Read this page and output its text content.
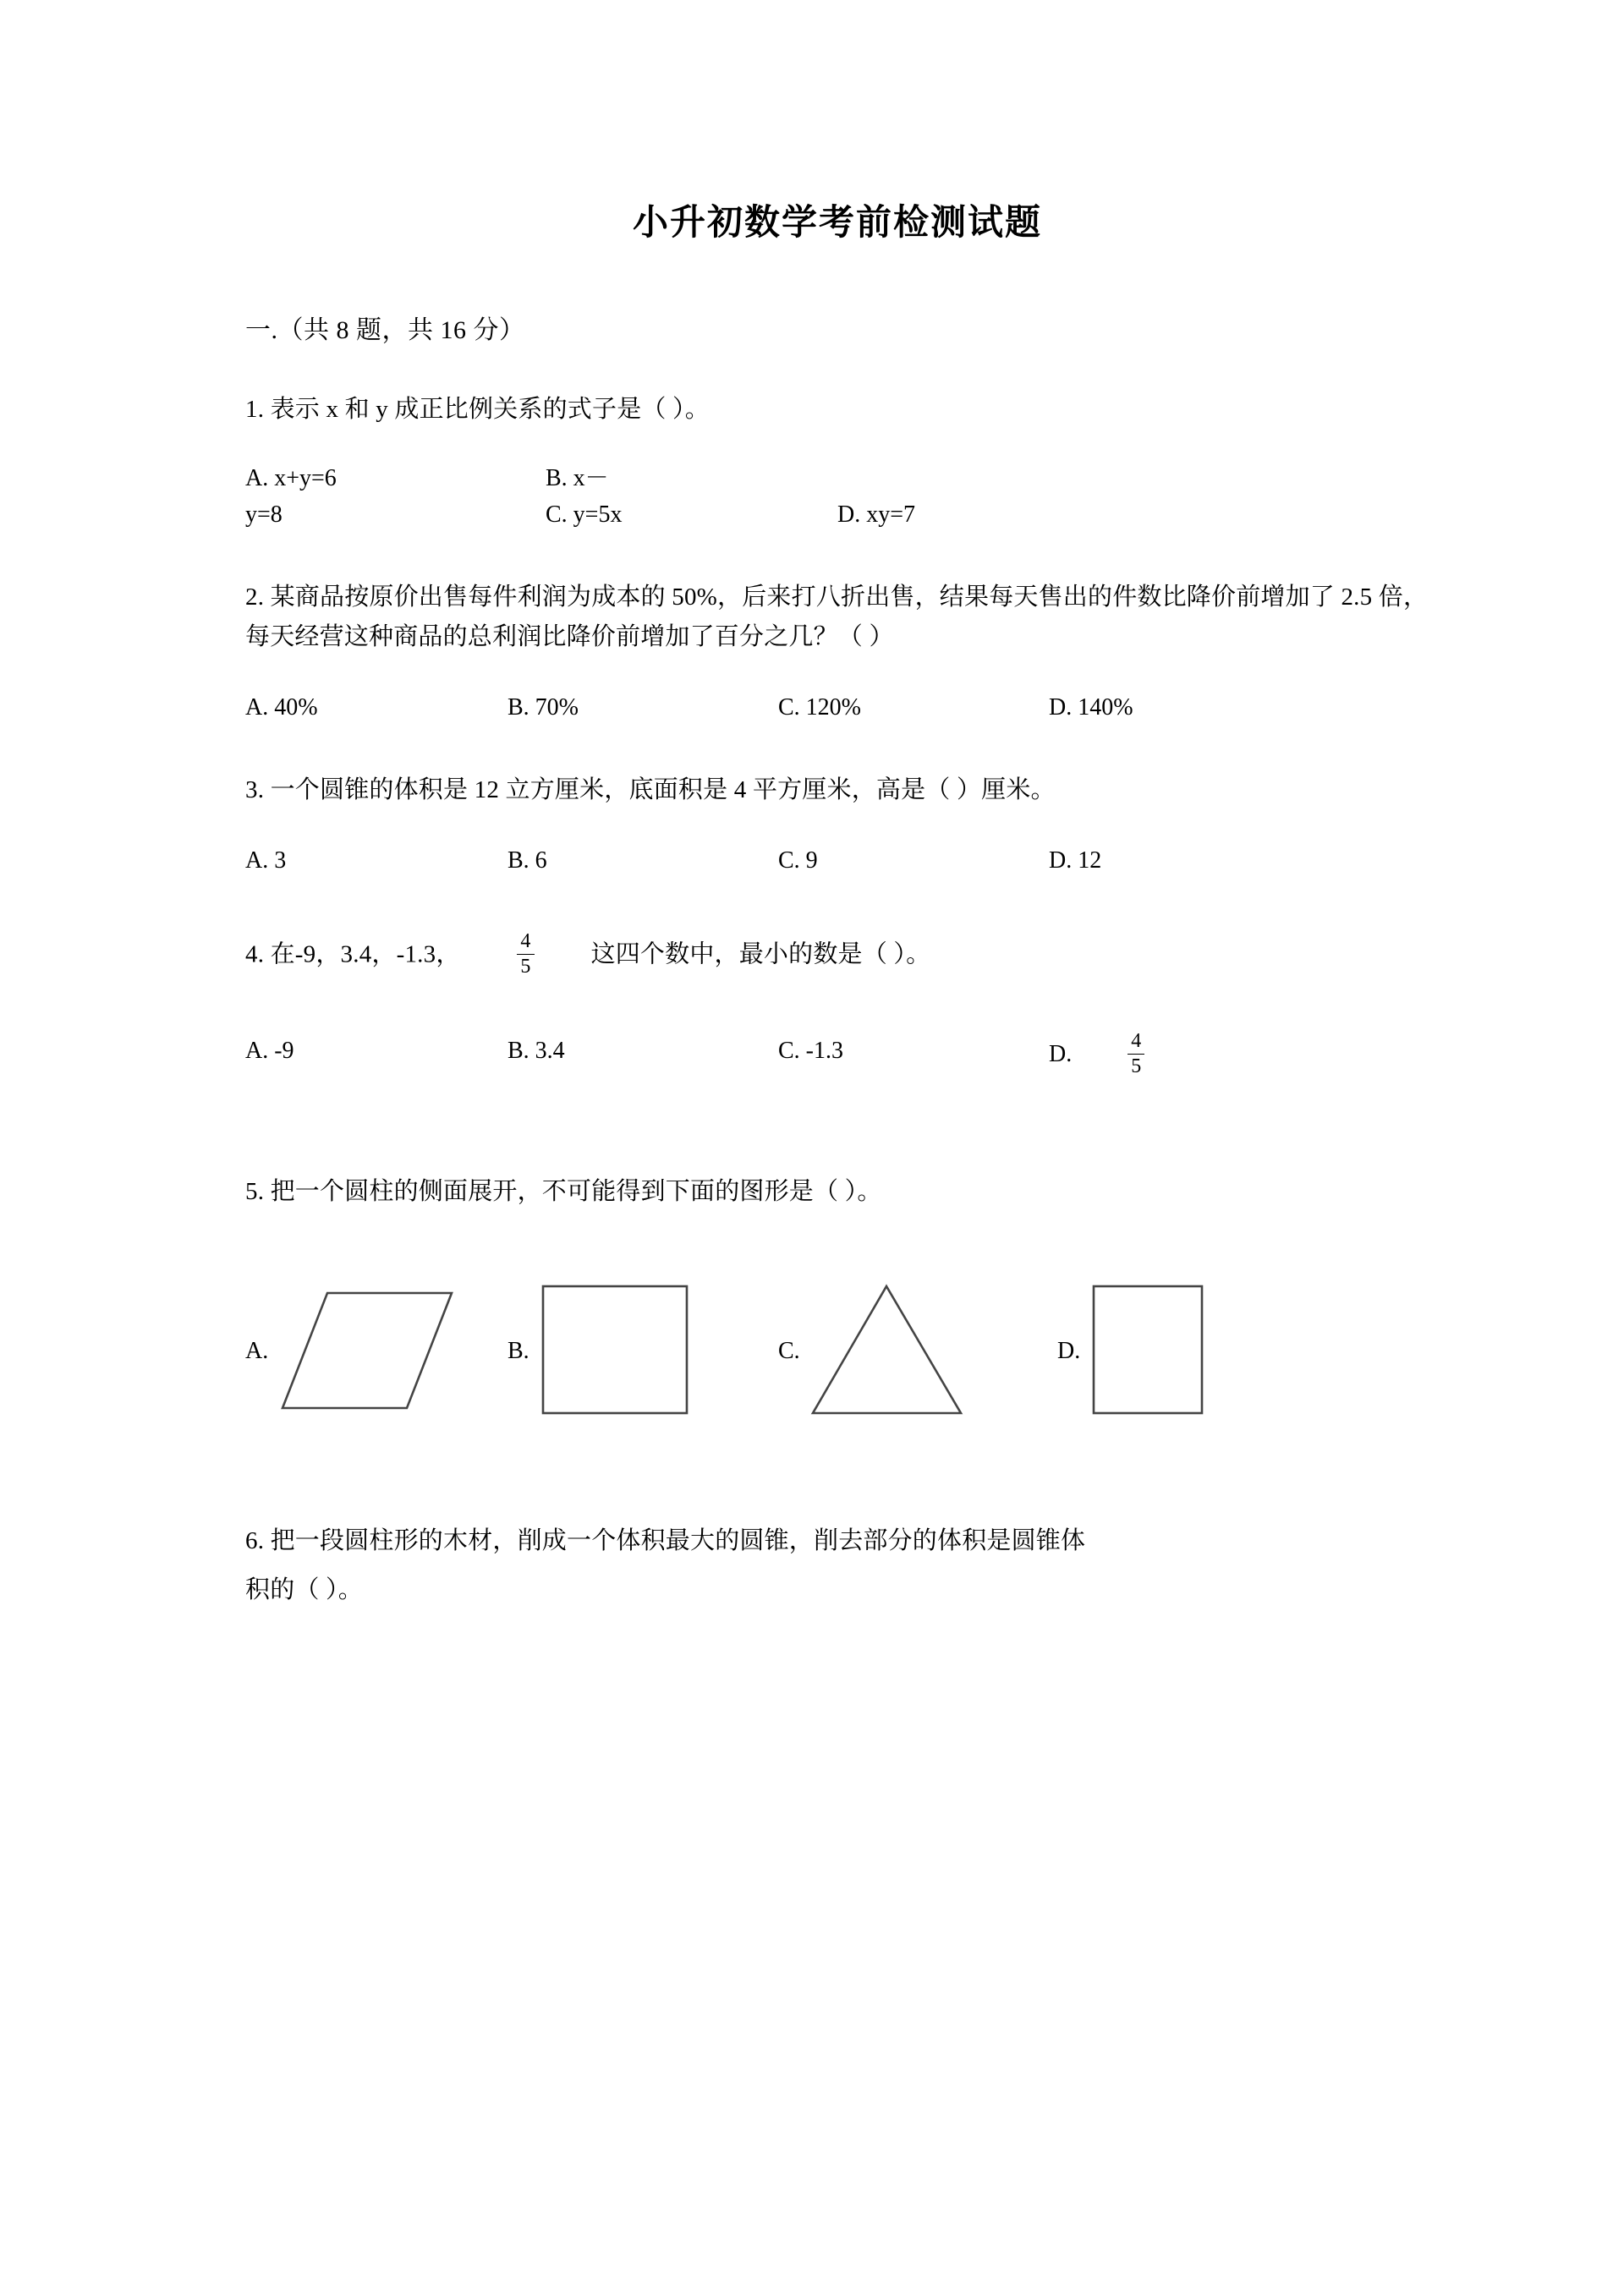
小升初数学考前检测试题
一.（共 8 题，共 16 分）
1. 表示 x 和 y 成正比例关系的式子是（ ）。
A. x+y=6	B. x－
y=8	C. y=5x	D. xy=7
2. 某商品按原价出售每件利润为成本的 50%，后来打八折出售，结果每天售出的件数比降价前增加了 2.5 倍，每天经营这种商品的总利润比降价前增加了百分之几？（ ）
A. 40%	B. 70%	C. 120%	D. 140%
3. 一个圆锥的体积是 12 立方厘米，底面积是 4 平方厘米，高是（ ）厘米。
A. 3	B. 6	C. 9	D. 12
4. 在-9，3.4，-1.3，	$\frac{4}{5}$ 这四个数中，最小的数是（ ）。
A. -9	B. 3.4	C. -1.3	D.	$\frac{4}{5}$
5. 把一个圆柱的侧面展开，不可能得到下面的图形是（ ）。
A.	B.	C.	D.
6. 把一段圆柱形的木材，削成一个体积最大的圆锥，削去部分的体积是圆锥体
积的（ ）。
